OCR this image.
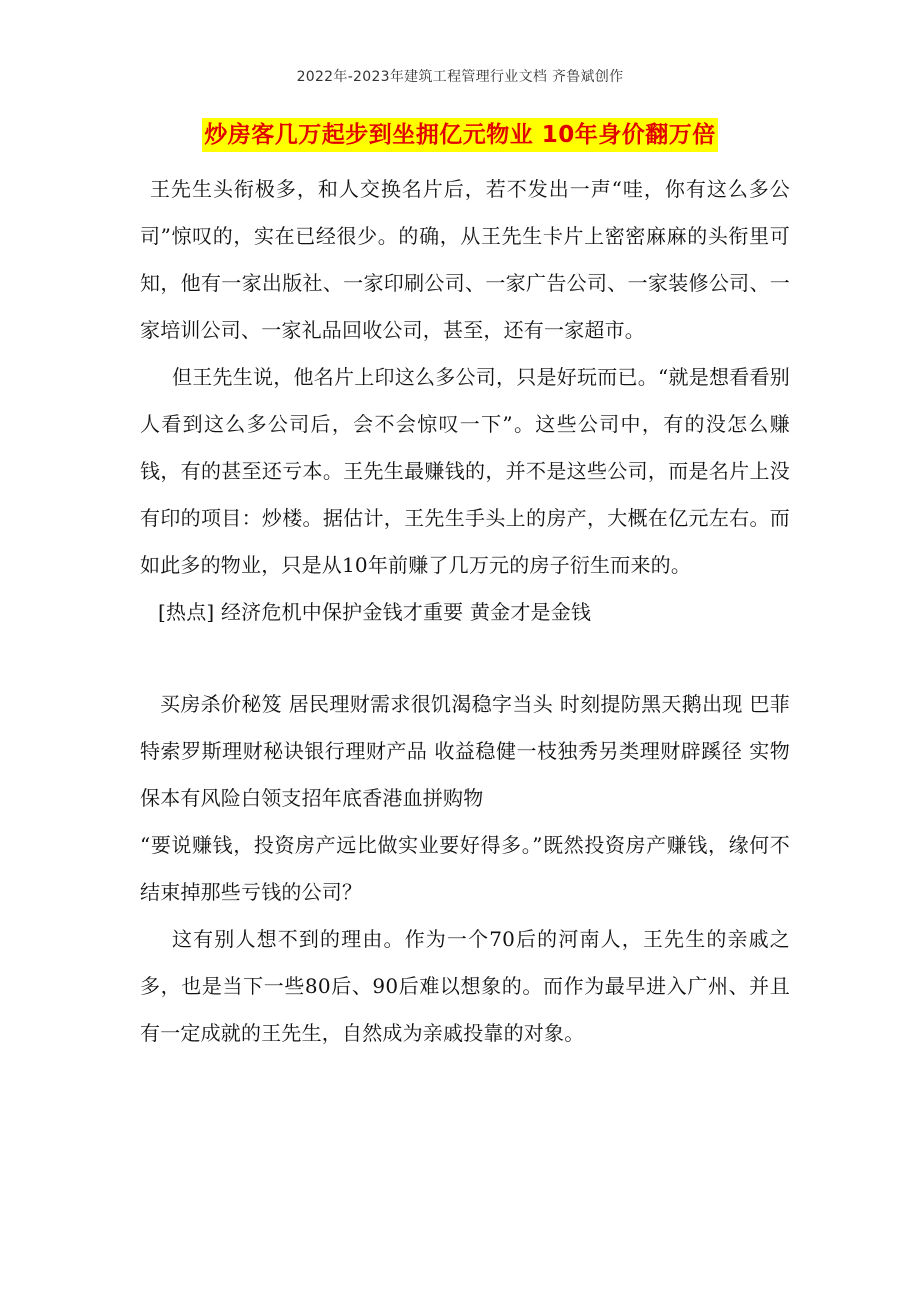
2022年-2023年建筑工程管理行业文档 齐鲁斌创作
炒房客几万起步到坐拥亿元物业 10年身价翻万倍

王先生头衔极多，和人交换名片后，若不发出一声“哇，你有这么多公司”惊叹的，实在已经很少。的确，从王先生卡片上密密麻麻的头衔里可知，他有一家出版社、一家印刷公司、一家广告公司、一家装修公司、一家培训公司、一家礼品回收公司，甚至，还有一家超市。

但王先生说，他名片上印这么多公司，只是好玩而已。“就是想看看别人看到这么多公司后，会不会惊叹一下”。这些公司中，有的没怎么赚钱，有的甚至还亏本。王先生最赚钱的，并不是这些公司，而是名片上没有印的项目：炒楼。据估计，王先生手头上的房产，大概在亿元左右。而如此多的物业，只是从10年前赚了几万元的房子衍生而来的。

[热点] 经济危机中保护金钱才重要 黄金才是金钱

买房杀价秘笈 居民理财需求很饥渴稳字当头 时刻提防黑天鹅出现 巴菲特索罗斯理财秘诀银行理财产品 收益稳健一枝独秀另类理财辟蹊径 实物保本有风险白领支招年底香港血拼购物

“要说赚钱，投资房产远比做实业要好得多。”既然投资房产赚钱，缘何不结束掉那些亏钱的公司？

这有别人想不到的理由。作为一个70后的河南人，王先生的亲戚之多，也是当下一些80后、90后难以想象的。而作为最早进入广州、并且有一定成就的王先生，自然成为亲戚投靠的对象。
